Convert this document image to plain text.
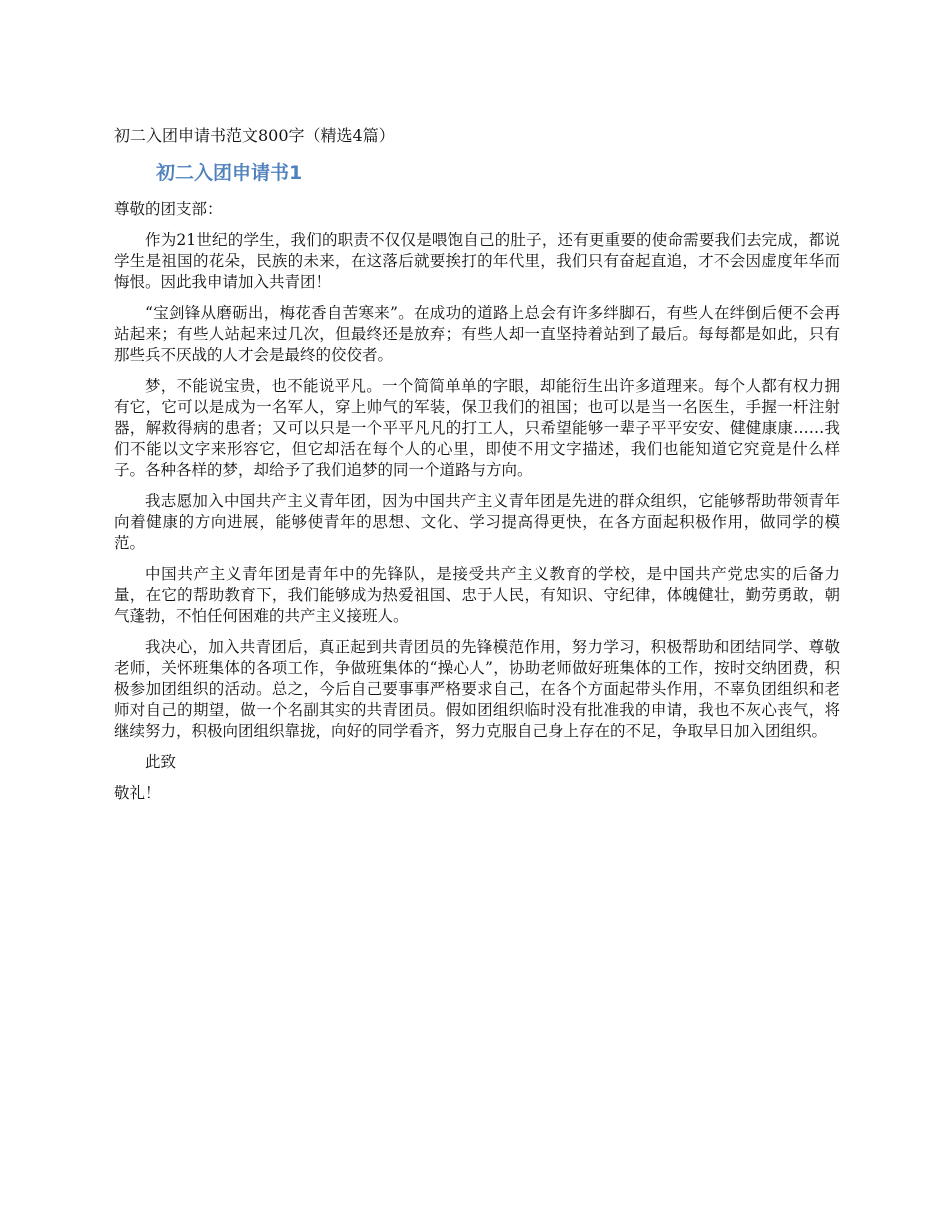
初二入团申请书范文800字（精选4篇）
初二入团申请书1
尊敬的团支部：

作为21世纪的学生，我们的职责不仅仅是喂饱自己的肚子，还有更重要的使命需要我们去完成，都说学生是祖国的花朵，民族的未来，在这落后就要挨打的年代里，我们只有奋起直追，才不会因虚度年华而悔恨。因此我申请加入共青团！

“宝剑锋从磨砺出，梅花香自苦寒来”。在成功的道路上总会有许多绊脚石，有些人在绊倒后便不会再站起来；有些人站起来过几次，但最终还是放弃；有些人却一直坚持着站到了最后。每每都是如此，只有那些兵不厌战的人才会是最终的佼佼者。

梦，不能说宝贵，也不能说平凡。一个简简单单的字眼，却能衍生出许多道理来。每个人都有权力拥有它，它可以是成为一名军人，穿上帅气的军装，保卫我们的祖国；也可以是当一名医生，手握一杆注射器，解救得病的患者；又可以只是一个平平凡凡的打工人，只希望能够一辈子平平安安、健健康康……我们不能以文字来形容它，但它却活在每个人的心里，即使不用文字描述，我们也能知道它究竟是什么样子。各种各样的梦，却给予了我们追梦的同一个道路与方向。

我志愿加入中国共产主义青年团，因为中国共产主义青年团是先进的群众组织，它能够帮助带领青年向着健康的方向进展，能够使青年的思想、文化、学习提高得更快，在各方面起积极作用，做同学的模范。

中国共产主义青年团是青年中的先锋队，是接受共产主义教育的学校，是中国共产党忠实的后备力量，在它的帮助教育下，我们能够成为热爱祖国、忠于人民，有知识、守纪律，体魄健壮，勤劳勇敢，朝气蓬勃，不怕任何困难的共产主义接班人。

我决心，加入共青团后，真正起到共青团员的先锋模范作用，努力学习，积极帮助和团结同学、尊敬老师，关怀班集体的各项工作，争做班集体的“操心人”，协助老师做好班集体的工作，按时交纳团费，积极参加团组织的活动。总之，今后自己要事事严格要求自己，在各个方面起带头作用，不辜负团组织和老师对自己的期望，做一个名副其实的共青团员。假如团组织临时没有批准我的申请，我也不灰心丧气，将继续努力，积极向团组织靠拢，向好的同学看齐，努力克服自己身上存在的不足，争取早日加入团组织。

此致
敬礼！
